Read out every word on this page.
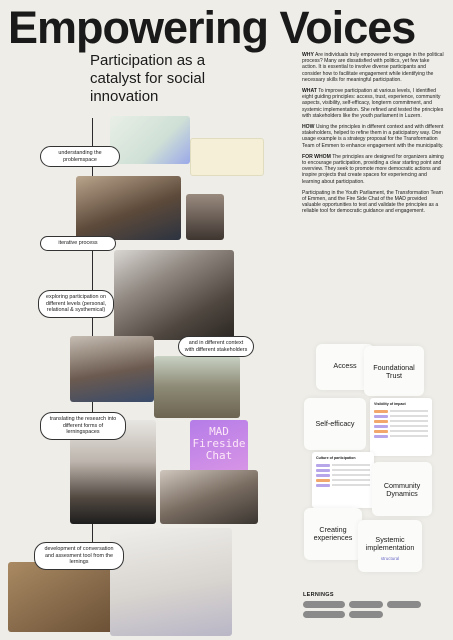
Empowering Voices
Participation as a catalyst for social innovation
MAD
Fireside
Chat
understanding the problemspace
iterative process
exploring participation on different levels (personal, relational & systhemical)
and in different context with different stakeholders
translating the research into different forms of lerningspaces
development of conversation and assesment tool from the lernings

WHY Are individuals truly empowered to engage in the political process? Many are dissatisfied with politics, yet few take action. It is essential to involve diverse participants and consider how to facilitate engagement while identifying the necessary skills for meaningful participation.

WHAT To improve participation at various levels, I identified eight guiding principles: access, trust, experience, community aspects, visibility, self-efficacy, longterm commitment, and systemic implementation. She refined and tested the principles with stakeholders like the youth parliament in Luzern.

HOW Using the principles in different context and with different stakeholders, helped to refine them in a paticipatory way. One usage example is a strategy proposal for the Transformation Team of Emmen to enhance engagement with the municipality.

FOR WHOM The principles are designed for organizers aiming to encourage participation, providing a clear starting point and overview. They seek to promote more democratic actions and inspire projects that create spaces for experiencing and learning about participation.

Participating in the Youth Parliament, the Transformation Team of Emmen, and the Fire Side Chat of the MAD provided valuable opportunities to test and validate the principles as a reliable tool for democratic guidance and engagement.

Access	Foundational Trust
Self-efficacy
Visibility of impact
Culture of participation
Community Dynamics
Creating experiences	Systemic implementation
structural
LERNINGS
